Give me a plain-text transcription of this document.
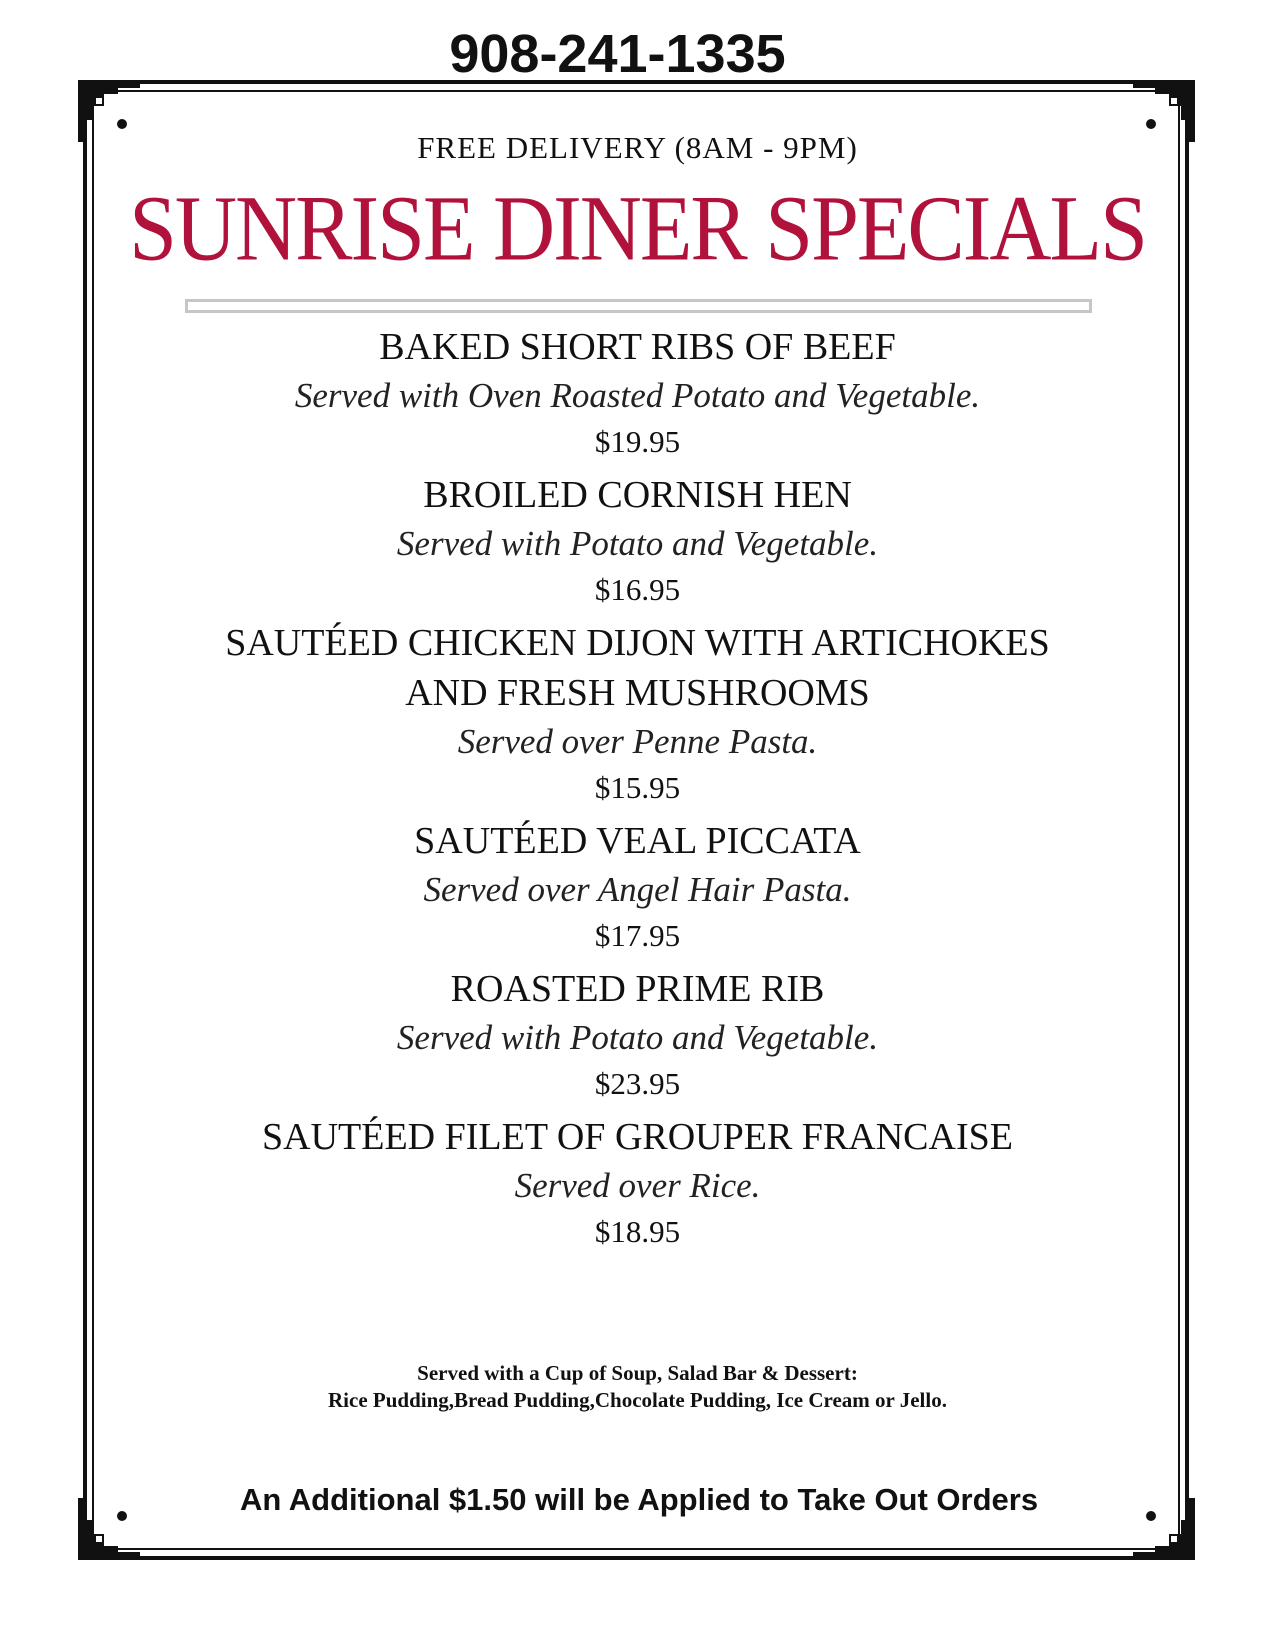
908-241-1335
FREE DELIVERY (8AM - 9PM)
SUNRISE DINER SPECIALS
BAKED SHORT RIBS OF BEEF
Served with Oven Roasted Potato and Vegetable.
$19.95
BROILED CORNISH HEN
Served with Potato and Vegetable.
$16.95
SAUTÉED CHICKEN DIJON WITH ARTICHOKES
AND FRESH MUSHROOMS
Served over Penne Pasta.
$15.95
SAUTÉED VEAL PICCATA
Served over Angel Hair Pasta.
$17.95
ROASTED PRIME RIB
Served with Potato and Vegetable.
$23.95
SAUTÉED FILET OF GROUPER FRANCAISE
Served over Rice.
$18.95
Served with a Cup of Soup, Salad Bar & Dessert:
Rice Pudding,Bread Pudding,Chocolate Pudding, Ice Cream or Jello.
An Additional $1.50 will be Applied to Take Out Orders
